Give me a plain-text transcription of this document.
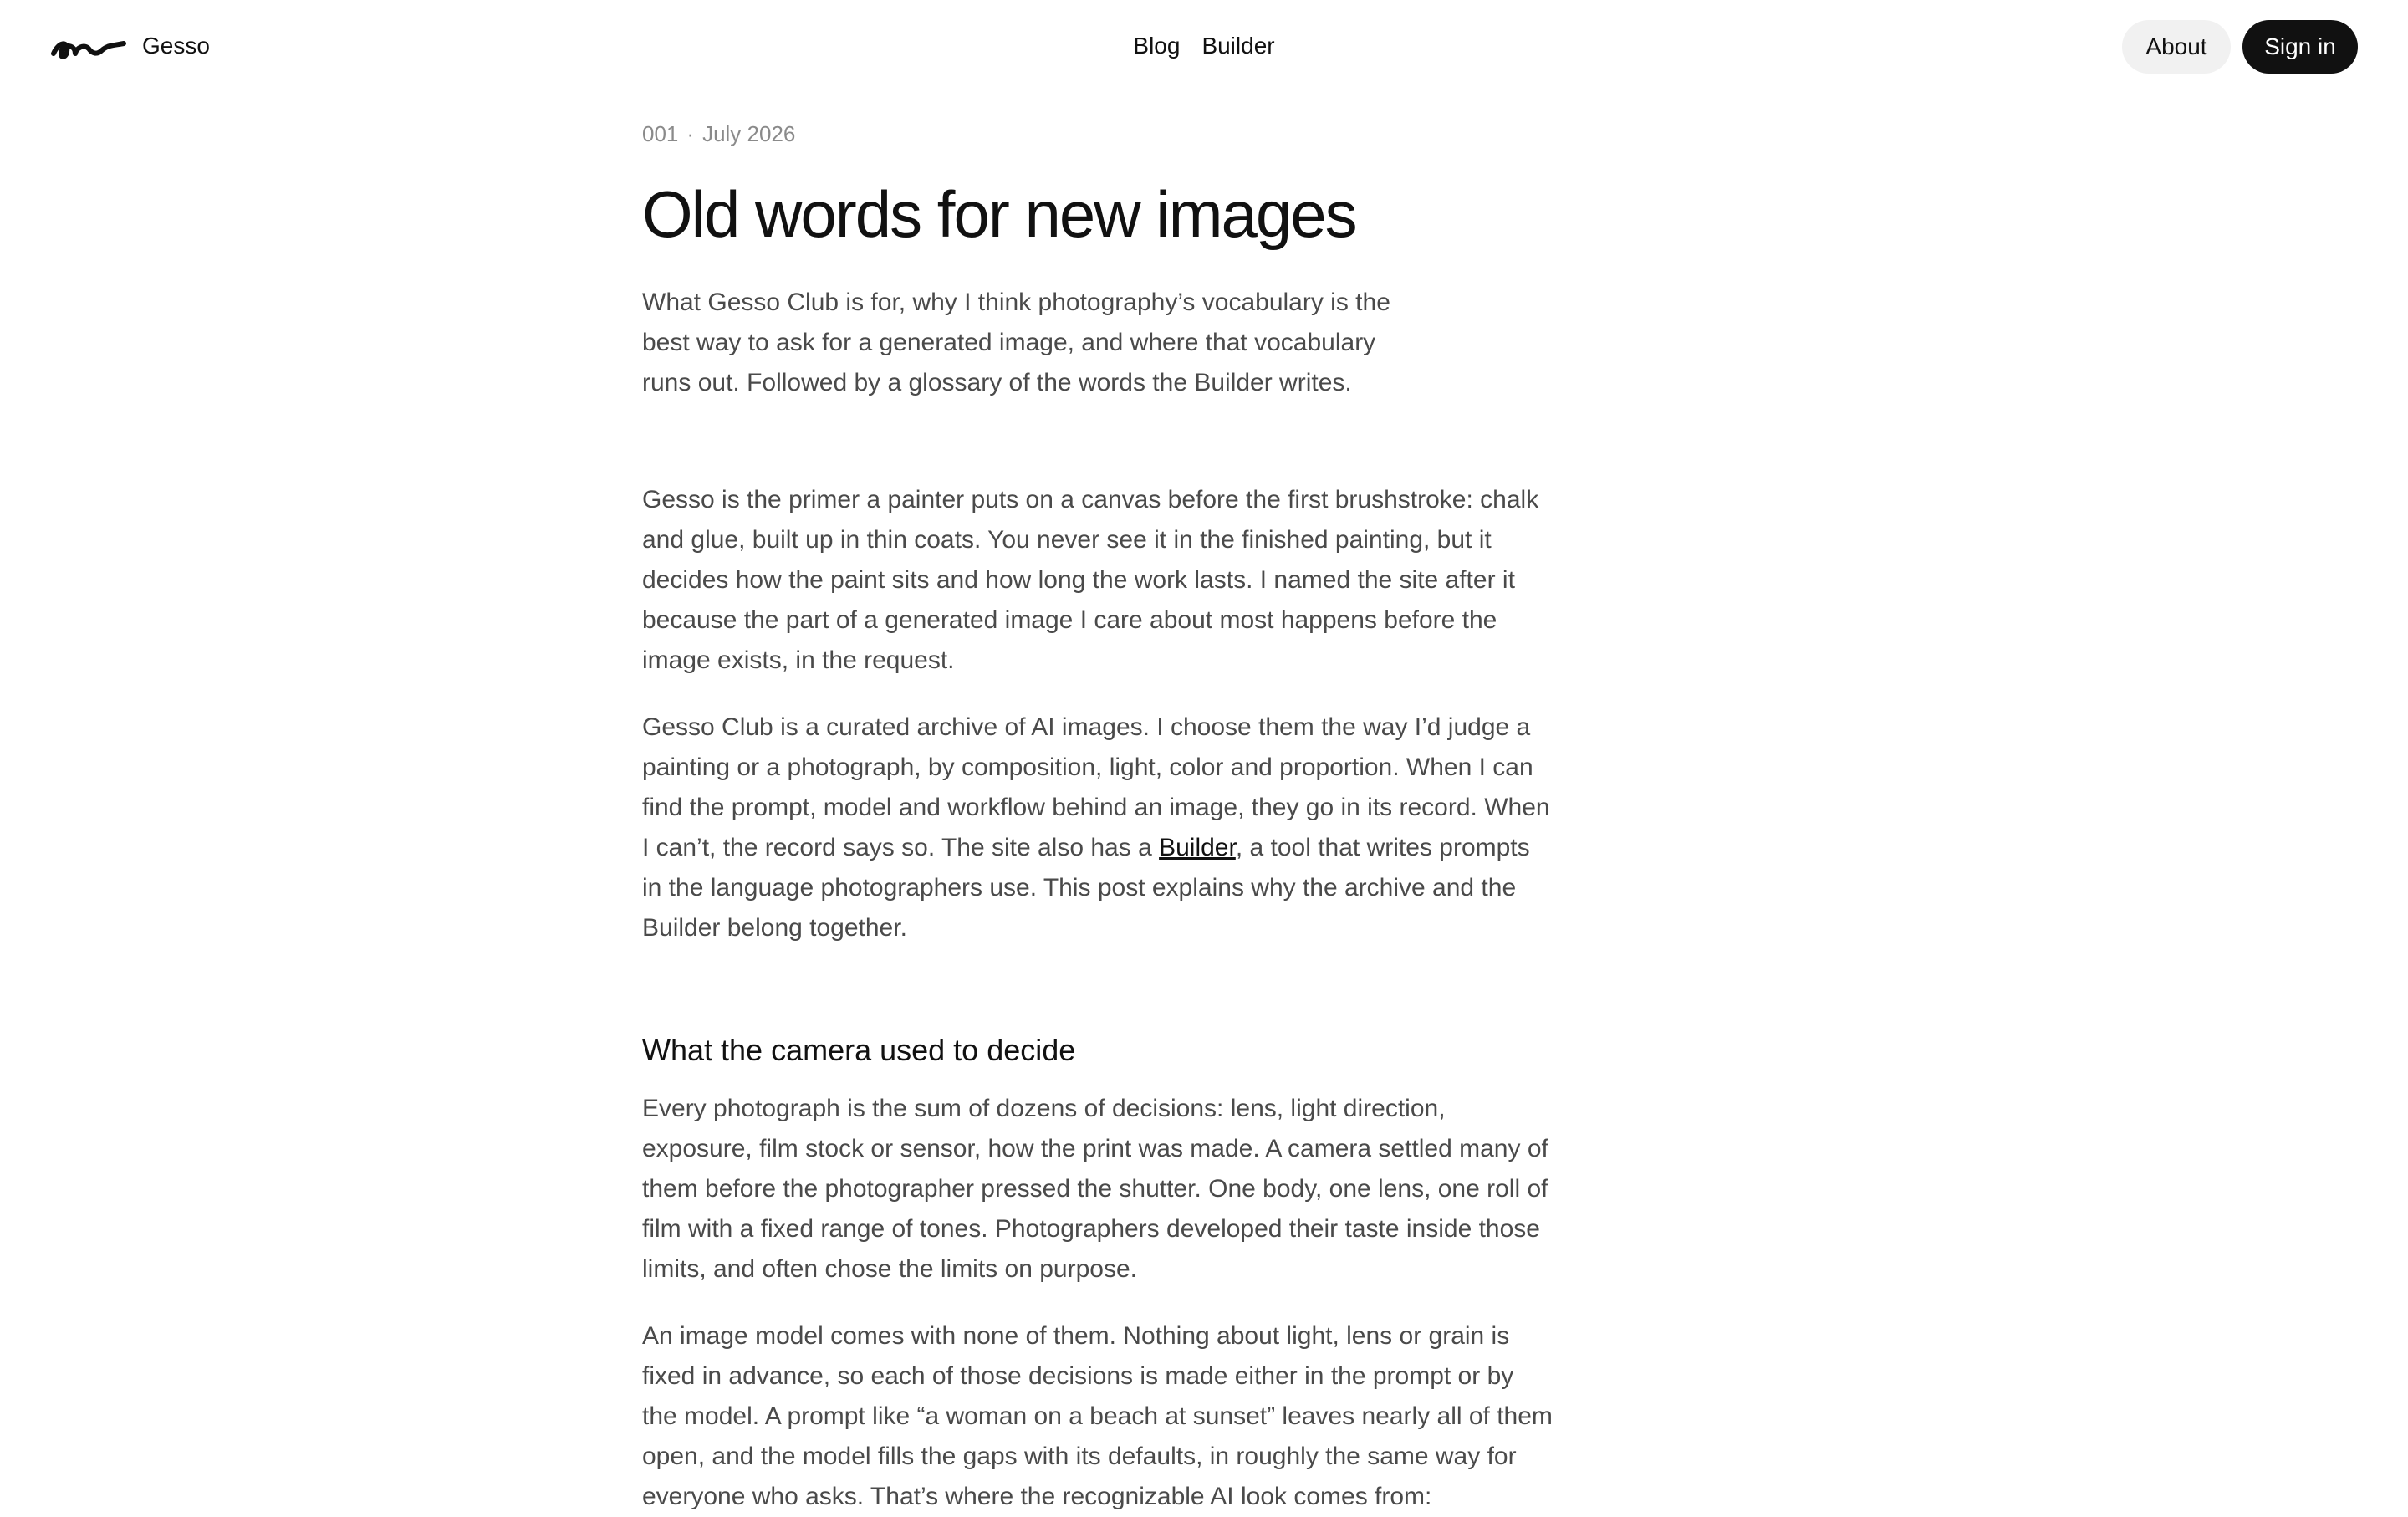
Gesso	Blog Builder	About	Sign in
001 · July 2026
Old words for new images

What Gesso Club is for, why I think photography’s vocabulary is the best way to ask for a generated image, and where that vocabulary runs out. Followed by a glossary of the words the Builder writes.

Gesso is the primer a painter puts on a canvas before the first brushstroke: chalk and glue, built up in thin coats. You never see it in the finished painting, but it decides how the paint sits and how long the work lasts. I named the site after it because the part of a generated image I care about most happens before the image exists, in the request.

Gesso Club is a curated archive of AI images. I choose them the way I’d judge a painting or a photograph, by composition, light, color and proportion. When I can find the prompt, model and workflow behind an image, they go in its record. When I can’t, the record says so. The site also has a Builder, a tool that writes prompts in the language photographers use. This post explains why the archive and the Builder belong together.

What the camera used to decide

Every photograph is the sum of dozens of decisions: lens, light direction, exposure, film stock or sensor, how the print was made. A camera settled many of them before the photographer pressed the shutter. One body, one lens, one roll of film with a fixed range of tones. Photographers developed their taste inside those limits, and often chose the limits on purpose.

An image model comes with none of them. Nothing about light, lens or grain is fixed in advance, so each of those decisions is made either in the prompt or by the model. A prompt like “a woman on a beach at sunset” leaves nearly all of them open, and the model fills the gaps with its defaults, in roughly the same way for everyone who asks. That’s where the recognizable AI look comes from:
